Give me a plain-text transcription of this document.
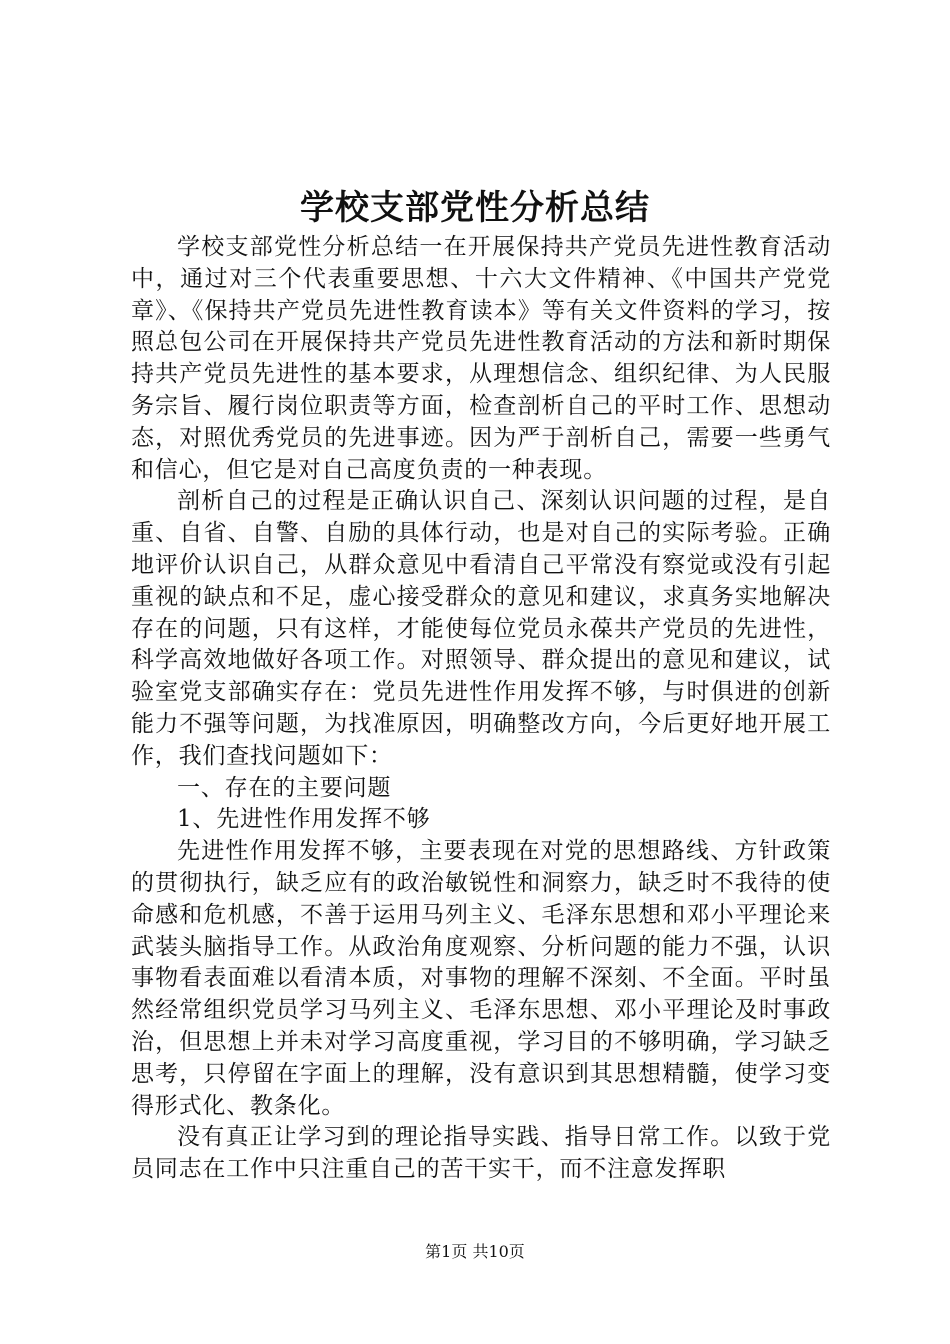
学校支部党性分析总结

学校支部党性分析总结一在开展保持共产党员先进性教育活动中，通过对三个代表重要思想、十六大文件精神、《中国共产党党章》、《保持共产党员先进性教育读本》等有关文件资料的学习，按照总包公司在开展保持共产党员先进性教育活动的方法和新时期保持共产党员先进性的基本要求，从理想信念、组织纪律、为人民服务宗旨、履行岗位职责等方面，检查剖析自己的平时工作、思想动态，对照优秀党员的先进事迹。因为严于剖析自己，需要一些勇气和信心，但它是对自己高度负责的一种表现。

剖析自己的过程是正确认识自己、深刻认识问题的过程，是自重、自省、自警、自励的具体行动，也是对自己的实际考验。正确地评价认识自己，从群众意见中看清自己平常没有察觉或没有引起重视的缺点和不足，虚心接受群众的意见和建议，求真务实地解决存在的问题，只有这样，才能使每位党员永葆共产党员的先进性，科学高效地做好各项工作。对照领导、群众提出的意见和建议，试验室党支部确实存在：党员先进性作用发挥不够，与时俱进的创新能力不强等问题，为找准原因，明确整改方向，今后更好地开展工作，我们查找问题如下：

一、存在的主要问题

1、先进性作用发挥不够

先进性作用发挥不够，主要表现在对党的思想路线、方针政策的贯彻执行，缺乏应有的政治敏锐性和洞察力，缺乏时不我待的使命感和危机感，不善于运用马列主义、毛泽东思想和邓小平理论来武装头脑指导工作。从政治角度观察、分析问题的能力不强，认识事物看表面难以看清本质，对事物的理解不深刻、不全面。平时虽然经常组织党员学习马列主义、毛泽东思想、邓小平理论及时事政治，但思想上并未对学习高度重视，学习目的不够明确，学习缺乏思考，只停留在字面上的理解，没有意识到其思想精髓，使学习变得形式化、教条化。

没有真正让学习到的理论指导实践、指导日常工作。以致于党员同志在工作中只注重自己的苦干实干，而不注意发挥职

第1页 共10页
